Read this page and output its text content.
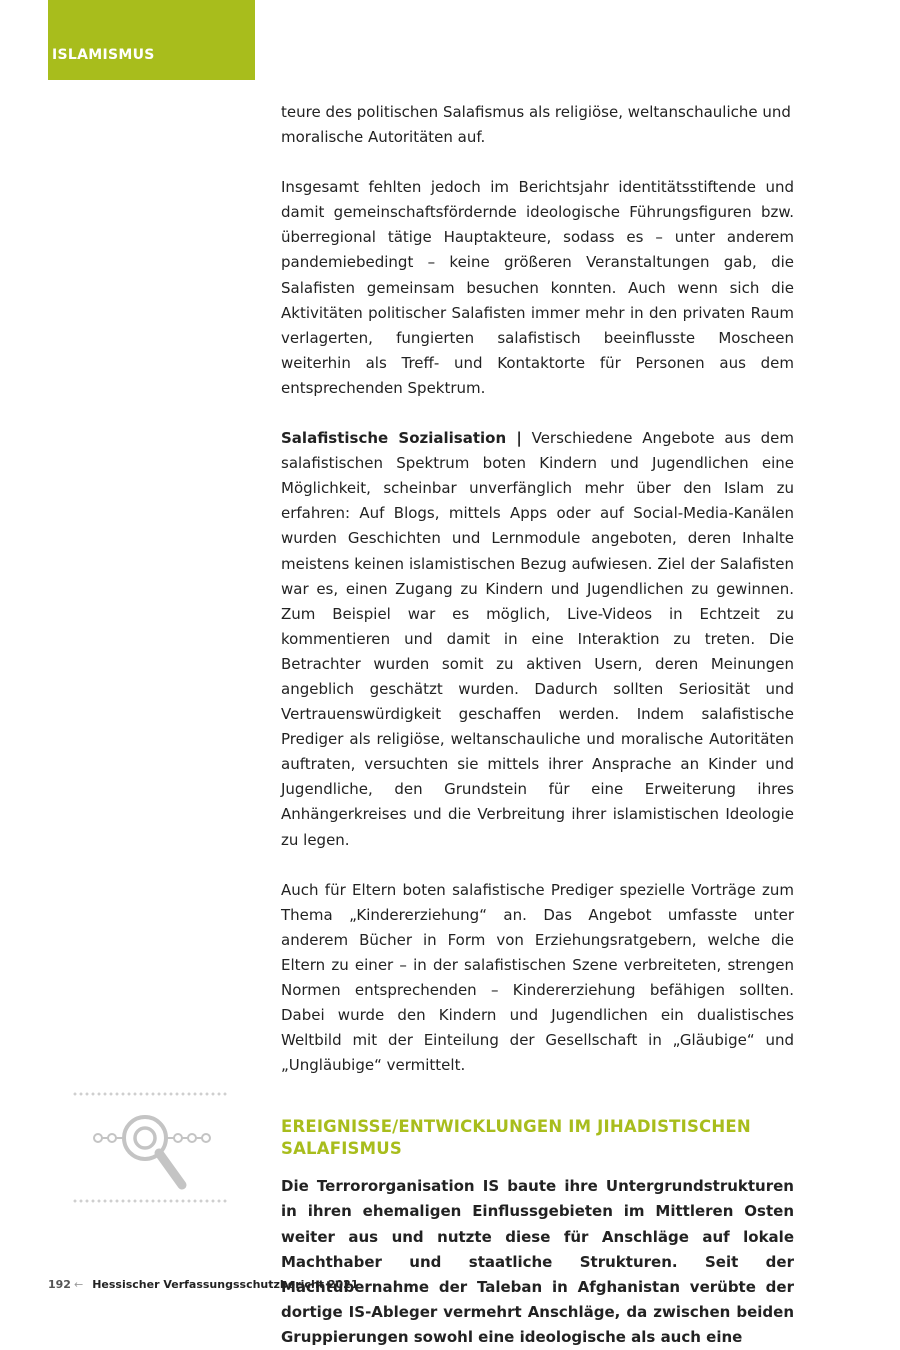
ISLAMISMUS

teure des politischen Salafismus als religiöse, weltanschauliche und moralische Autoritäten auf.

Insgesamt fehlten jedoch im Berichtsjahr identitätsstiftende und damit gemeinschaftsfördernde ideologische Führungsfiguren bzw. überregional tätige Hauptakteure, sodass es – unter anderem pandemiebedingt – keine größeren Veranstaltungen gab, die Salafisten gemeinsam besuchen konnten. Auch wenn sich die Aktivitäten politischer Salafisten immer mehr in den privaten Raum verlagerten, fungierten salafistisch beeinflusste Moscheen weiterhin als Treff- und Kontaktorte für Personen aus dem entsprechenden Spektrum.

Salafistische Sozialisation | Verschiedene Angebote aus dem salafistischen Spektrum boten Kindern und Jugendlichen eine Möglichkeit, scheinbar unverfänglich mehr über den Islam zu erfahren: Auf Blogs, mittels Apps oder auf Social-Media-Kanälen wurden Geschichten und Lernmodule angeboten, deren Inhalte meistens keinen islamistischen Bezug aufwiesen. Ziel der Salafisten war es, einen Zugang zu Kindern und Jugendlichen zu gewinnen. Zum Beispiel war es möglich, Live-Videos in Echtzeit zu kommentieren und damit in eine Interaktion zu treten. Die Betrachter wurden somit zu aktiven Usern, deren Meinungen angeblich geschätzt wurden. Dadurch sollten Seriosität und Vertrauenswürdigkeit geschaffen werden. Indem salafistische Prediger als religiöse, weltanschauliche und moralische Autoritäten auftraten, versuchten sie mittels ihrer Ansprache an Kinder und Jugendliche, den Grundstein für eine Erweiterung ihres Anhängerkreises und die Verbreitung ihrer islamistischen Ideologie zu legen.

Auch für Eltern boten salafistische Prediger spezielle Vorträge zum Thema „Kindererziehung“ an. Das Angebot umfasste unter anderem Bücher in Form von Erziehungsratgebern, welche die Eltern zu einer – in der salafistischen Szene verbreiteten, strengen Normen entsprechenden – Kindererziehung befähigen sollten. Dabei wurde den Kindern und Jugendlichen ein dualistisches Weltbild mit der Einteilung der Gesellschaft in „Gläubige“ und „Ungläubige“ vermittelt.

EREIGNISSE/ENTWICKLUNGEN IM JIHADISTISCHEN SALAFISMUS

Die Terrororganisation IS baute ihre Untergrundstrukturen in ihren ehemaligen Einflussgebieten im Mittleren Osten weiter aus und nutzte diese für Anschläge auf lokale Machthaber und staatliche Strukturen. Seit der Machtübernahme der Taleban in Afghanistan verübte der dortige IS-Ableger vermehrt Anschläge, da zwischen beiden Gruppierungen sowohl eine ideologische als auch eine

192 ← Hessischer Verfassungsschutzbericht 2021
